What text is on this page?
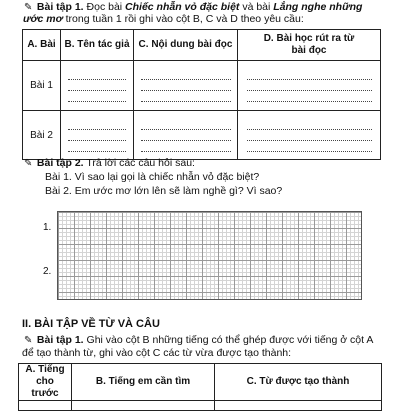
✎ Bài tập 1. Đọc bài Chiếc nhẫn vỏ đặc biệt và bài Lắng nghe những
ước mơ trong tuần 1 rồi ghi vào cột B, C và D theo yêu cầu:
A. Bài	B. Tên tác giả	C. Nội dung bài đọc	D. Bài học rút ra từ bài đọc

Bài 1	

Bài 2	

✎ Bài tập 2. Trả lời các câu hỏi sau:
Bài 1. Vì sao lại gọi là chiếc nhẫn vỏ đặc biệt?
Bài 2. Em ước mơ lớn lên sẽ làm nghề gì? Vì sao?
1.
2.
II. BÀI TẬP VỀ TỪ VÀ CÂU
✎ Bài tập 1. Ghi vào cột B những tiếng có thể ghép được với tiếng ở cột A
để tạo thành từ, ghi vào cột C các từ vừa được tạo thành:
A. Tiếng cho trước	B. Tiếng em cần tìm	C. Từ được tạo thành
